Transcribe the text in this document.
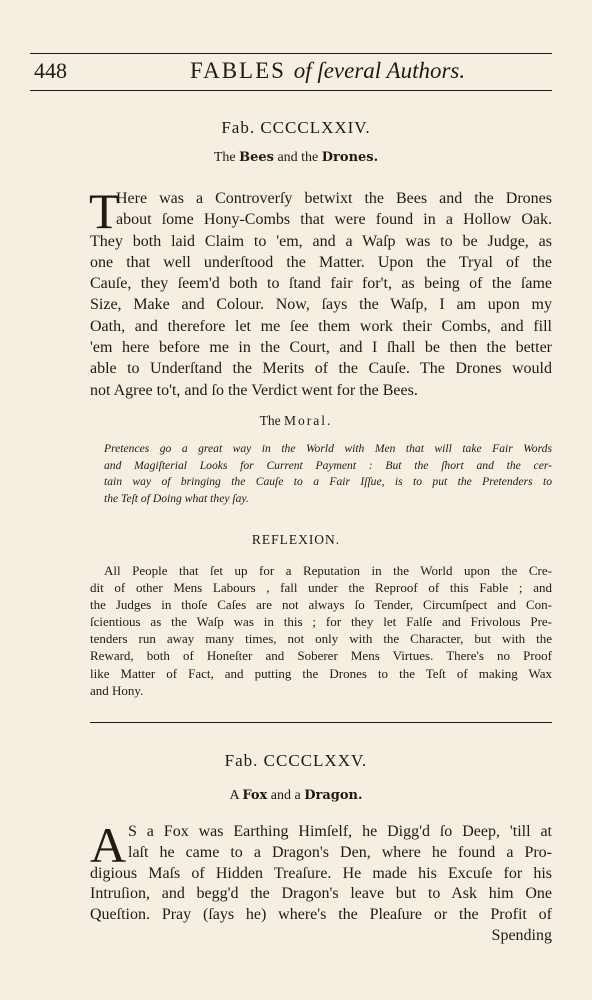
448	FABLES of ſeveral Authors.
Fab. CCCCLXXIV.
The Bees and the Drones.
T
Here was a Controverſy betwixt the Bees and the Drones
about ſome Hony-Combs that were found in a Hollow Oak.
They both laid Claim to 'em, and a Waſp was to be Judge, as
one that well underſtood the Matter. Upon the Tryal of the
Cauſe, they ſeem'd both to ſtand fair for't, as being of the ſame
Size, Make and Colour. Now, ſays the Waſp, I am upon my
Oath, and therefore let me ſee them work their Combs, and fill
'em here before me in the Court, and I ſhall be then the better
able to Underſtand the Merits of the Cauſe. The Drones would
not Agree to't, and ſo the Verdict went for the Bees.
The Moral.
Pretences go a great way in the World with Men that will take Fair Words
and Magiſterial Looks for Current Payment : But the ſhort and the cer-
tain way of bringing the Cauſe to a Fair Iſſue, is to put the Pretenders to
the Teſt of Doing what they ſay.
REFLEXION.
All People that ſet up for a Reputation in the World upon the Cre-
dit of other Mens Labours , fall under the Reproof of this Fable ; and
the Judges in thoſe Caſes are not always ſo Tender, Circumſpect and Con-
ſcientious as the Waſp was in this ; for they let Falſe and Frivolous Pre-
tenders run away many times, not only with the Character, but with the
Reward, both of Honeſter and Soberer Mens Virtues. There's no Proof
like Matter of Fact, and putting the Drones to the Teſt of making Wax
and Hony.
Fab. CCCCLXXV.
A Fox and a Dragon.
A S a Fox was Earthing Himſelf, he Digg'd ſo Deep, 'till at
laſt he came to a Dragon's Den, where he found a Pro-
digious Maſs of Hidden Treaſure. He made his Excuſe for his
Intruſion, and begg'd the Dragon's leave but to Ask him One
Queſtion. Pray (ſays he) where's the Pleaſure or the Profit of
Spending
